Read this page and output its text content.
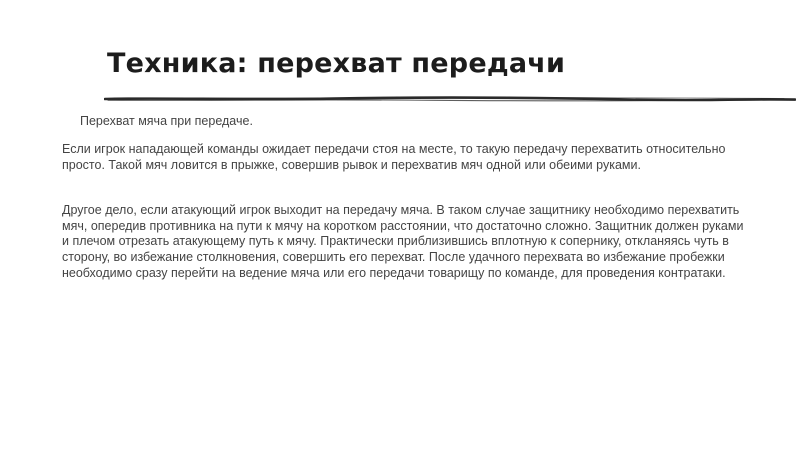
Техника: перехват передачи
Перехват мяча при передаче.

Если игрок нападающей команды ожидает передачи стоя на месте, то такую передачу перехватить относительно просто. Такой мяч ловится в прыжке, совершив рывок и перехватив мяч одной или обеими руками.

Другое дело, если атакующий игрок выходит на передачу мяча. В таком случае защитнику необходимо перехватить мяч, опередив противника на пути к мячу на коротком расстоянии, что достаточно сложно. Защитник должен руками и плечом отрезать атакующему путь к мячу. Практически приблизившись вплотную к сопернику, откланяясь чуть в сторону, во избежание столкновения, совершить его перехват. После удачного перехвата во избежание пробежки необходимо сразу перейти на ведение мяча или его передачи товарищу по команде, для проведения контратаки.
